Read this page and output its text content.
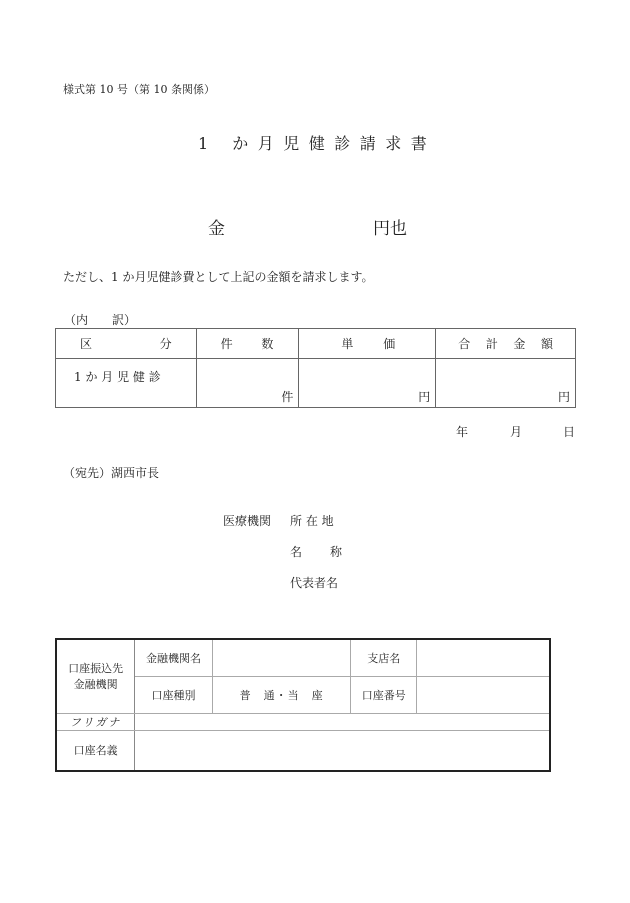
様式第 10 号（第 10 条関係）
1 か月児健診請求書
金	円也
ただし、1 か月児健診費として上記の金額を請求します。
（内 訳）
区 分	件 数	単 価	合 計 金 額

1 か 月 児 健 診	件	円	円
年	月	日
（宛先）湖西市長
医療機関 所 在 地
名 称
代表者名
口座振込先
金融機関	金融機関名		支店名	
	口座種別	普　通・当　座	口座番号	
フリガナ				
口座名義				
